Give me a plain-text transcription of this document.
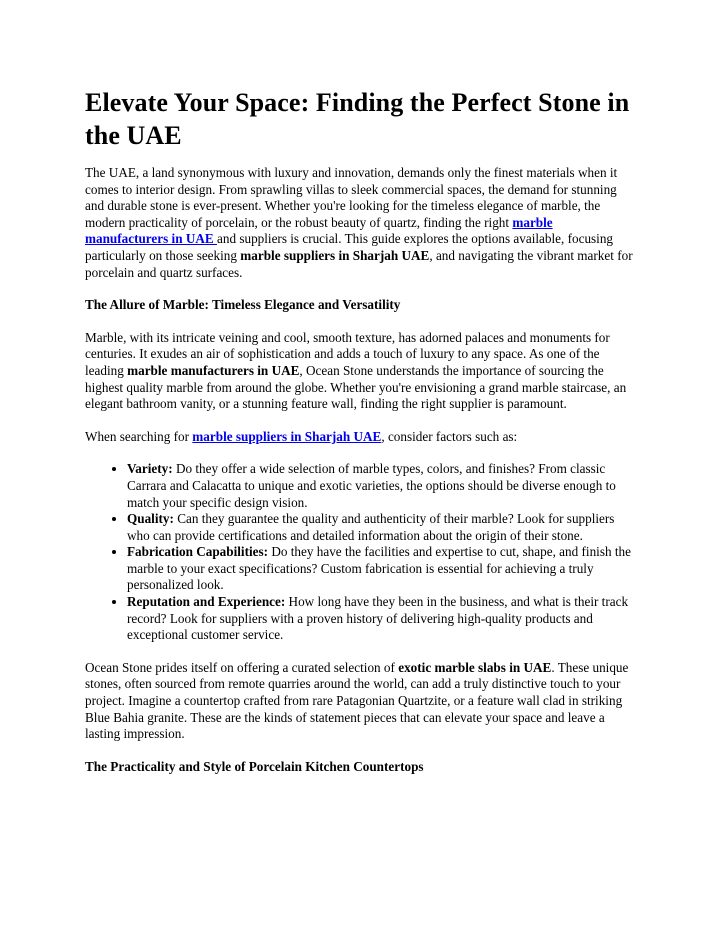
Elevate Your Space: Finding the Perfect Stone in the UAE

The UAE, a land synonymous with luxury and innovation, demands only the finest materials when it comes to interior design. From sprawling villas to sleek commercial spaces, the demand for stunning and durable stone is ever-present. Whether you're looking for the timeless elegance of marble, the modern practicality of porcelain, or the robust beauty of quartz, finding the right marble manufacturers in UAE and suppliers is crucial. This guide explores the options available, focusing particularly on those seeking marble suppliers in Sharjah UAE, and navigating the vibrant market for porcelain and quartz surfaces.

The Allure of Marble: Timeless Elegance and Versatility

Marble, with its intricate veining and cool, smooth texture, has adorned palaces and monuments for centuries. It exudes an air of sophistication and adds a touch of luxury to any space. As one of the leading marble manufacturers in UAE, Ocean Stone understands the importance of sourcing the highest quality marble from around the globe. Whether you're envisioning a grand marble staircase, an elegant bathroom vanity, or a stunning feature wall, finding the right supplier is paramount.

When searching for marble suppliers in Sharjah UAE, consider factors such as:

• Variety: Do they offer a wide selection of marble types, colors, and finishes? From classic Carrara and Calacatta to unique and exotic varieties, the options should be diverse enough to match your specific design vision.
• Quality: Can they guarantee the quality and authenticity of their marble? Look for suppliers who can provide certifications and detailed information about the origin of their stone.
• Fabrication Capabilities: Do they have the facilities and expertise to cut, shape, and finish the marble to your exact specifications? Custom fabrication is essential for achieving a truly personalized look.
• Reputation and Experience: How long have they been in the business, and what is their track record? Look for suppliers with a proven history of delivering high-quality products and exceptional customer service.

Ocean Stone prides itself on offering a curated selection of exotic marble slabs in UAE. These unique stones, often sourced from remote quarries around the world, can add a truly distinctive touch to your project. Imagine a countertop crafted from rare Patagonian Quartzite, or a feature wall clad in striking Blue Bahia granite. These are the kinds of statement pieces that can elevate your space and leave a lasting impression.

The Practicality and Style of Porcelain Kitchen Countertops
